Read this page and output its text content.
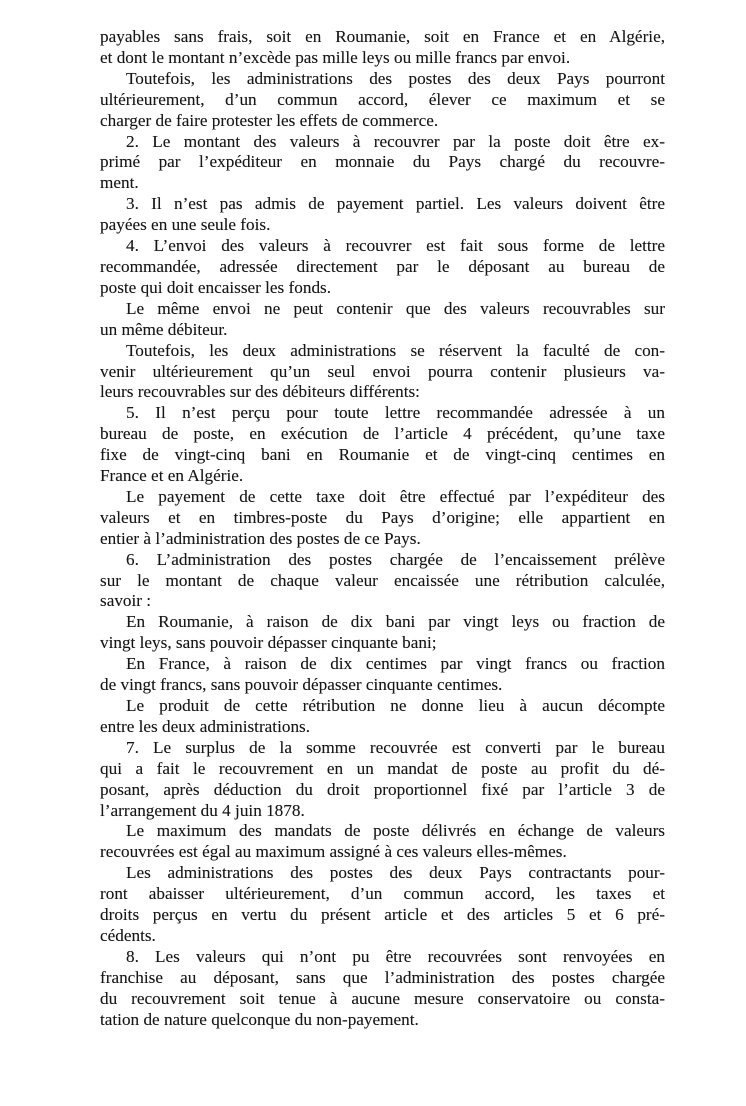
payables sans frais, soit en Roumanie, soit en France et en Algérie,
et dont le montant n’excède pas mille leys ou mille francs par envoi.

Toutefois, les administrations des postes des deux Pays pourront
ultérieurement, d’un commun accord, élever ce maximum et se
charger de faire protester les effets de commerce.

2. Le montant des valeurs à recouvrer par la poste doit être ex-
primé par l’expéditeur en monnaie du Pays chargé du recouvre-
ment.

3. Il n’est pas admis de payement partiel. Les valeurs doivent être
payées en une seule fois.

4. L’envoi des valeurs à recouvrer est fait sous forme de lettre
recommandée, adressée directement par le déposant au bureau de
poste qui doit encaisser les fonds.

Le même envoi ne peut contenir que des valeurs recouvrables sur
un même débiteur.

Toutefois, les deux administrations se réservent la faculté de con-
venir ultérieurement qu’un seul envoi pourra contenir plusieurs va-
leurs recouvrables sur des débiteurs différents:

5. Il n’est perçu pour toute lettre recommandée adressée à un
bureau de poste, en exécution de l’article 4 précédent, qu’une taxe
fixe de vingt-cinq bani en Roumanie et de vingt-cinq centimes en
France et en Algérie.

Le payement de cette taxe doit être effectué par l’expéditeur des
valeurs et en timbres-poste du Pays d’origine; elle appartient en
entier à l’administration des postes de ce Pays.

6. L’administration des postes chargée de l’encaissement prélève
sur le montant de chaque valeur encaissée une rétribution calculée,
savoir :

En Roumanie, à raison de dix bani par vingt leys ou fraction de
vingt leys, sans pouvoir dépasser cinquante bani;

En France, à raison de dix centimes par vingt francs ou fraction
de vingt francs, sans pouvoir dépasser cinquante centimes.

Le produit de cette rétribution ne donne lieu à aucun décompte
entre les deux administrations.

7. Le surplus de la somme recouvrée est converti par le bureau
qui a fait le recouvrement en un mandat de poste au profit du dé-
posant, après déduction du droit proportionnel fixé par l’article 3 de
l’arrangement du 4 juin 1878.

Le maximum des mandats de poste délivrés en échange de valeurs
recouvrées est égal au maximum assigné à ces valeurs elles-mêmes.

Les administrations des postes des deux Pays contractants pour-
ront abaisser ultérieurement, d’un commun accord, les taxes et
droits perçus en vertu du présent article et des articles 5 et 6 pré-
cédents.

8. Les valeurs qui n’ont pu être recouvrées sont renvoyées en
franchise au déposant, sans que l’administration des postes chargée
du recouvrement soit tenue à aucune mesure conservatoire ou consta-
tation de nature quelconque du non-payement.
